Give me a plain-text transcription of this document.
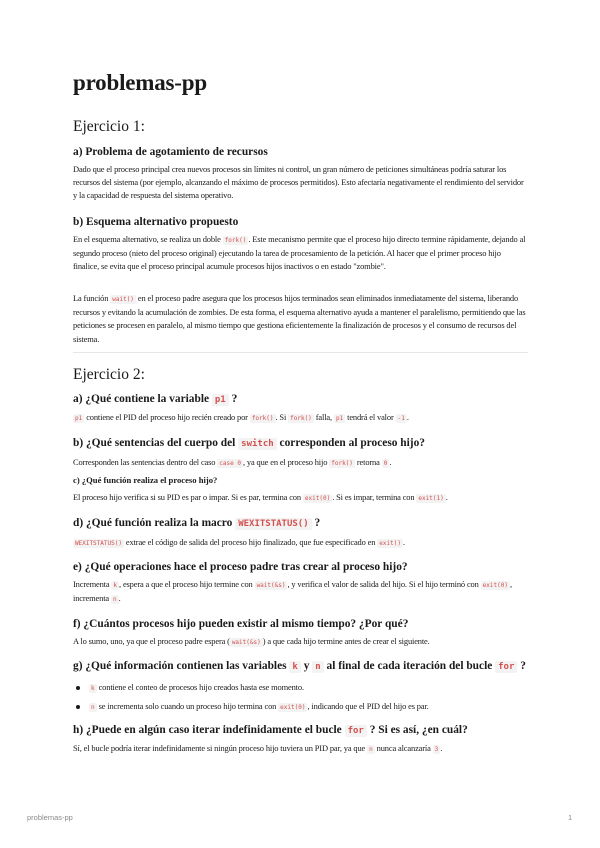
problemas-pp
Ejercicio 1:
a) Problema de agotamiento de recursos

Dado que el proceso principal crea nuevos procesos sin límites ni control, un gran número de peticiones simultáneas podría saturar los recursos del sistema (por ejemplo, alcanzando el máximo de procesos permitidos). Esto afectaría negativamente el rendimiento del servidor y la capacidad de respuesta del sistema operativo.

b) Esquema alternativo propuesto

En el esquema alternativo, se realiza un doble fork() . Este mecanismo permite que el proceso hijo directo termine rápidamente, dejando al segundo proceso (nieto del proceso original) ejecutando la tarea de procesamiento de la petición. Al hacer que el primer proceso hijo finalice, se evita que el proceso principal acumule procesos hijos inactivos o en estado "zombie".

La función wait() en el proceso padre asegura que los procesos hijos terminados sean eliminados inmediatamente del sistema, liberando recursos y evitando la acumulación de zombies. De esta forma, el esquema alternativo ayuda a mantener el paralelismo, permitiendo que las peticiones se procesen en paralelo, al mismo tiempo que gestiona eficientemente la finalización de procesos y el consumo de recursos del sistema.

Ejercicio 2:
a) ¿Qué contiene la variable p1 ?

p1 contiene el PID del proceso hijo recién creado por fork() . Si fork() falla, p1 tendrá el valor -1 .

b) ¿Qué sentencias del cuerpo del switch corresponden al proceso hijo?

Corresponden las sentencias dentro del caso case 0 , ya que en el proceso hijo fork() retorna 0 .

c) ¿Qué función realiza el proceso hijo?

El proceso hijo verifica si su PID es par o impar. Si es par, termina con exit(0) . Si es impar, termina con exit(1) .

d) ¿Qué función realiza la macro WEXITSTATUS() ?

WEXITSTATUS() extrae el código de salida del proceso hijo finalizado, que fue especificado en exit() .

e) ¿Qué operaciones hace el proceso padre tras crear al proceso hijo?

Incrementa k , espera a que el proceso hijo termine con wait(&s) , y verifica el valor de salida del hijo. Si el hijo terminó con exit(0) , incrementa n .

f) ¿Cuántos procesos hijo pueden existir al mismo tiempo? ¿Por qué?

A lo sumo, uno, ya que el proceso padre espera ( wait(&s) ) a que cada hijo termine antes de crear el siguiente.

g) ¿Qué información contienen las variables k y n al final de cada iteración del bucle for ?
k contiene el conteo de procesos hijo creados hasta ese momento.
n se incrementa solo cuando un proceso hijo termina con exit(0) , indicando que el PID del hijo es par.
h) ¿Puede en algún caso iterar indefinidamente el bucle for ? Si es así, ¿en cuál?

Sí, el bucle podría iterar indefinidamente si ningún proceso hijo tuviera un PID par, ya que n nunca alcanzaría 3 .

problemas-pp	1
